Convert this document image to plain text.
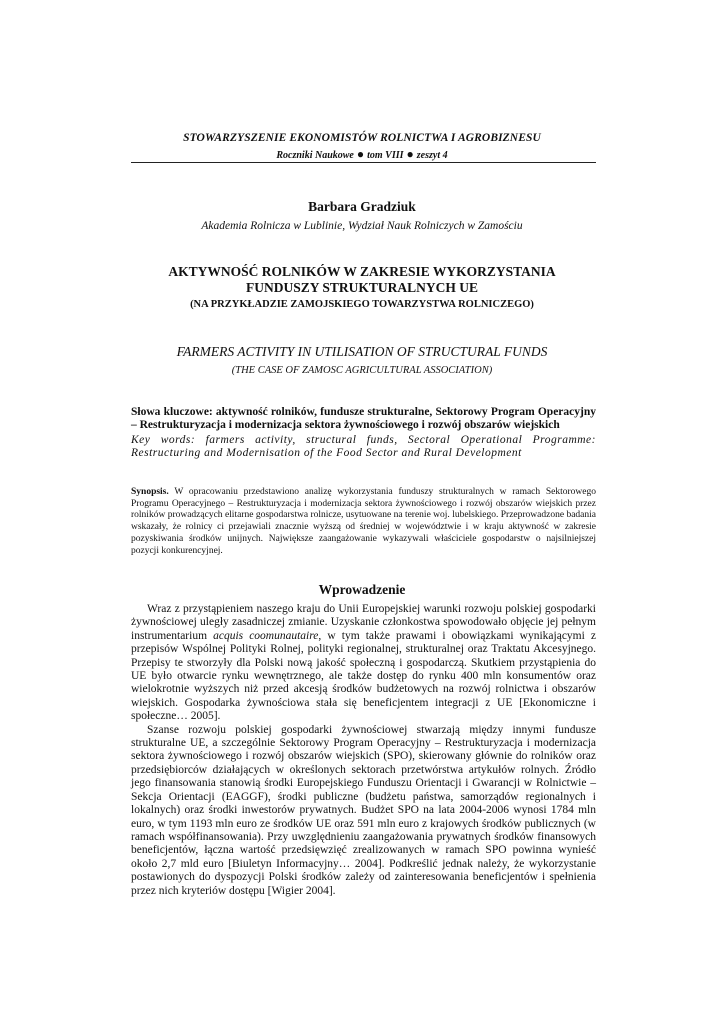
STOWARZYSZENIE EKONOMISTÓW ROLNICTWA I AGROBIZNESU
Roczniki Naukowe ● tom VIII ● zeszyt 4
Barbara Gradziuk
Akademia Rolnicza w Lublinie, Wydział Nauk Rolniczych w Zamościu
AKTYWNOŚĆ ROLNIKÓW W ZAKRESIE WYKORZYSTANIA
FUNDUSZY STRUKTURALNYCH UE
(NA PRZYKŁADZIE ZAMOJSKIEGO TOWARZYSTWA ROLNICZEGO)
FARMERS ACTIVITY IN UTILISATION OF STRUCTURAL FUNDS
(THE CASE OF ZAMOSC AGRICULTURAL ASSOCIATION)
Słowa kluczowe: aktywność rolników, fundusze strukturalne, Sektorowy Program Operacyjny – Restrukturyzacja i modernizacja sektora żywnościowego i rozwój obszarów wiejskich
Key words: farmers activity, structural funds, Sectoral Operational Programme: Restructuring and Modernisation of the Food Sector and Rural Development
Synopsis. W opracowaniu przedstawiono analizę wykorzystania funduszy strukturalnych w ramach Sektorowego Programu Operacyjnego – Restrukturyzacja i modernizacja sektora żywnościowego i rozwój obszarów wiejskich przez rolników prowadzących elitarne gospodarstwa rolnicze, usytuowane na terenie woj. lubelskiego. Przeprowadzone badania wskazały, że rolnicy ci przejawiali znacznie wyższą od średniej w województwie i w kraju aktywność w zakresie pozyskiwania środków unijnych. Największe zaangażowanie wykazywali właściciele gospodarstw o najsilniejszej pozycji konkurencyjnej.
Wprowadzenie

Wraz z przystąpieniem naszego kraju do Unii Europejskiej warunki rozwoju polskiej gospodarki żywnościowej uległy zasadniczej zmianie. Uzyskanie członkostwa spowodowało objęcie jej pełnym instrumentarium acquis coomunautaire, w tym także prawami i obowiązkami wynikającymi z przepisów Wspólnej Polityki Rolnej, polityki regionalnej, strukturalnej oraz Traktatu Akcesyjnego. Przepisy te stworzyły dla Polski nową jakość społeczną i gospodarczą. Skutkiem przystąpienia do UE było otwarcie rynku wewnętrznego, ale także dostęp do rynku 400 mln konsumentów oraz wielokrotnie wyższych niż przed akcesją środków budżetowych na rozwój rolnictwa i obszarów wiejskich. Gospodarka żywnościowa stała się beneficjentem integracji z UE [Ekonomiczne i społeczne… 2005].

Szanse rozwoju polskiej gospodarki żywnościowej stwarzają między innymi fundusze strukturalne UE, a szczególnie Sektorowy Program Operacyjny – Restrukturyzacja i modernizacja sektora żywnościowego i rozwój obszarów wiejskich (SPO), skierowany głównie do rolników oraz przedsiębiorców działających w określonych sektorach przetwórstwa artykułów rolnych. Źródło jego finansowania stanowią środki Europejskiego Funduszu Orientacji i Gwarancji w Rolnictwie – Sekcja Orientacji (EAGGF), środki publiczne (budżetu państwa, samorządów regionalnych i lokalnych) oraz środki inwestorów prywatnych. Budżet SPO na lata 2004-2006 wynosi 1784 mln euro, w tym 1193 mln euro ze środków UE oraz 591 mln euro z krajowych środków publicznych (w ramach współfinansowania). Przy uwzględnieniu zaangażowania prywatnych środków finansowych beneficjentów, łączna wartość przedsięwzięć zrealizowanych w ramach SPO powinna wynieść około 2,7 mld euro [Biuletyn Informacyjny… 2004]. Podkreślić jednak należy, że wykorzystanie postawionych do dyspozycji Polski środków zależy od zainteresowania beneficjentów i spełnienia przez nich kryteriów dostępu [Wigier 2004].
